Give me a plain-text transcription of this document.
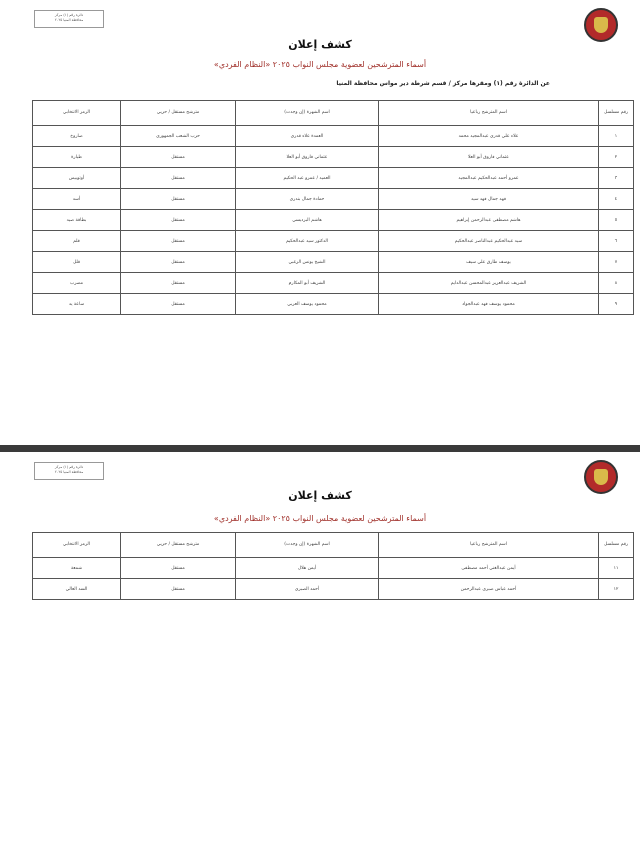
دائرة رقم (١) مركز
محافظة المنيا ٢٠٢٥
كشف إعلان
أسماء المترشحين لعضوية مجلس النواب ٢٠٢٥ «النظام الفردي»
عن الدائرة رقم (١) ومقرها مركز / قسم شرطة دير مواس محافظة المنيا
رقم مسلسل	اسم المترشح رباعيا	اسم الشهرة (إن وجدت)	مترشح مستقل / حزبي	الرمز الانتخابي
١	علاء علي قدري عبدالمجيد محمد	العمدة علاء قدري	حزب الشعب الجمهوري	صاروخ
٢	عثماني فاروق أبو العلا	عثماني فاروق أبو العلا	مستقل	طيارة
٣	عمرو أحمد عبدالحكيم عبدالمجيد	العميد / عمرو عبد الحكيم	مستقل	أوتوبيس
٤	فهد جمال فهد سيد	حمادة جمال بندري	مستقل	أسد
٥	هاشم مصطفى عبدالرحمن إبراهيم	هاشم البرديسي	مستقل	بطاقة صيد
٦	سيد عبدالحكيم عبدالناصر عبدالحكيم	الدكتور سيد عبدالحكيم	مستقل	قلم
٧	يوسف طارق علي سيف	الشيخ يونس الزغبي	مستقل	قلل
٨	الشريف عبدالعزيز عبدالمحسن عبدالدايم	الشريف أبو المكارم	مستقل	مضرب
٩	محمود يوسف فهد عبدالجواد	محمود يوسف العربي	مستقل	ساعة يد
دائرة رقم (١) مركز
محافظة المنيا ٢٠٢٥
كشف إعلان
أسماء المترشحين لعضوية مجلس النواب ٢٠٢٥ «النظام الفردي»
رقم مسلسل	اسم المترشح رباعيا	اسم الشهرة (إن وجدت)	مترشح مستقل / حزبي	الرمز الانتخابي
١١	أيمن عبدالغني أحمد مصطفى	أيمن هلال	مستقل	شمعة
١٢	أحمد عباس صبري عبدالرحمن	أحمد الصبري	مستقل	السد العالي
